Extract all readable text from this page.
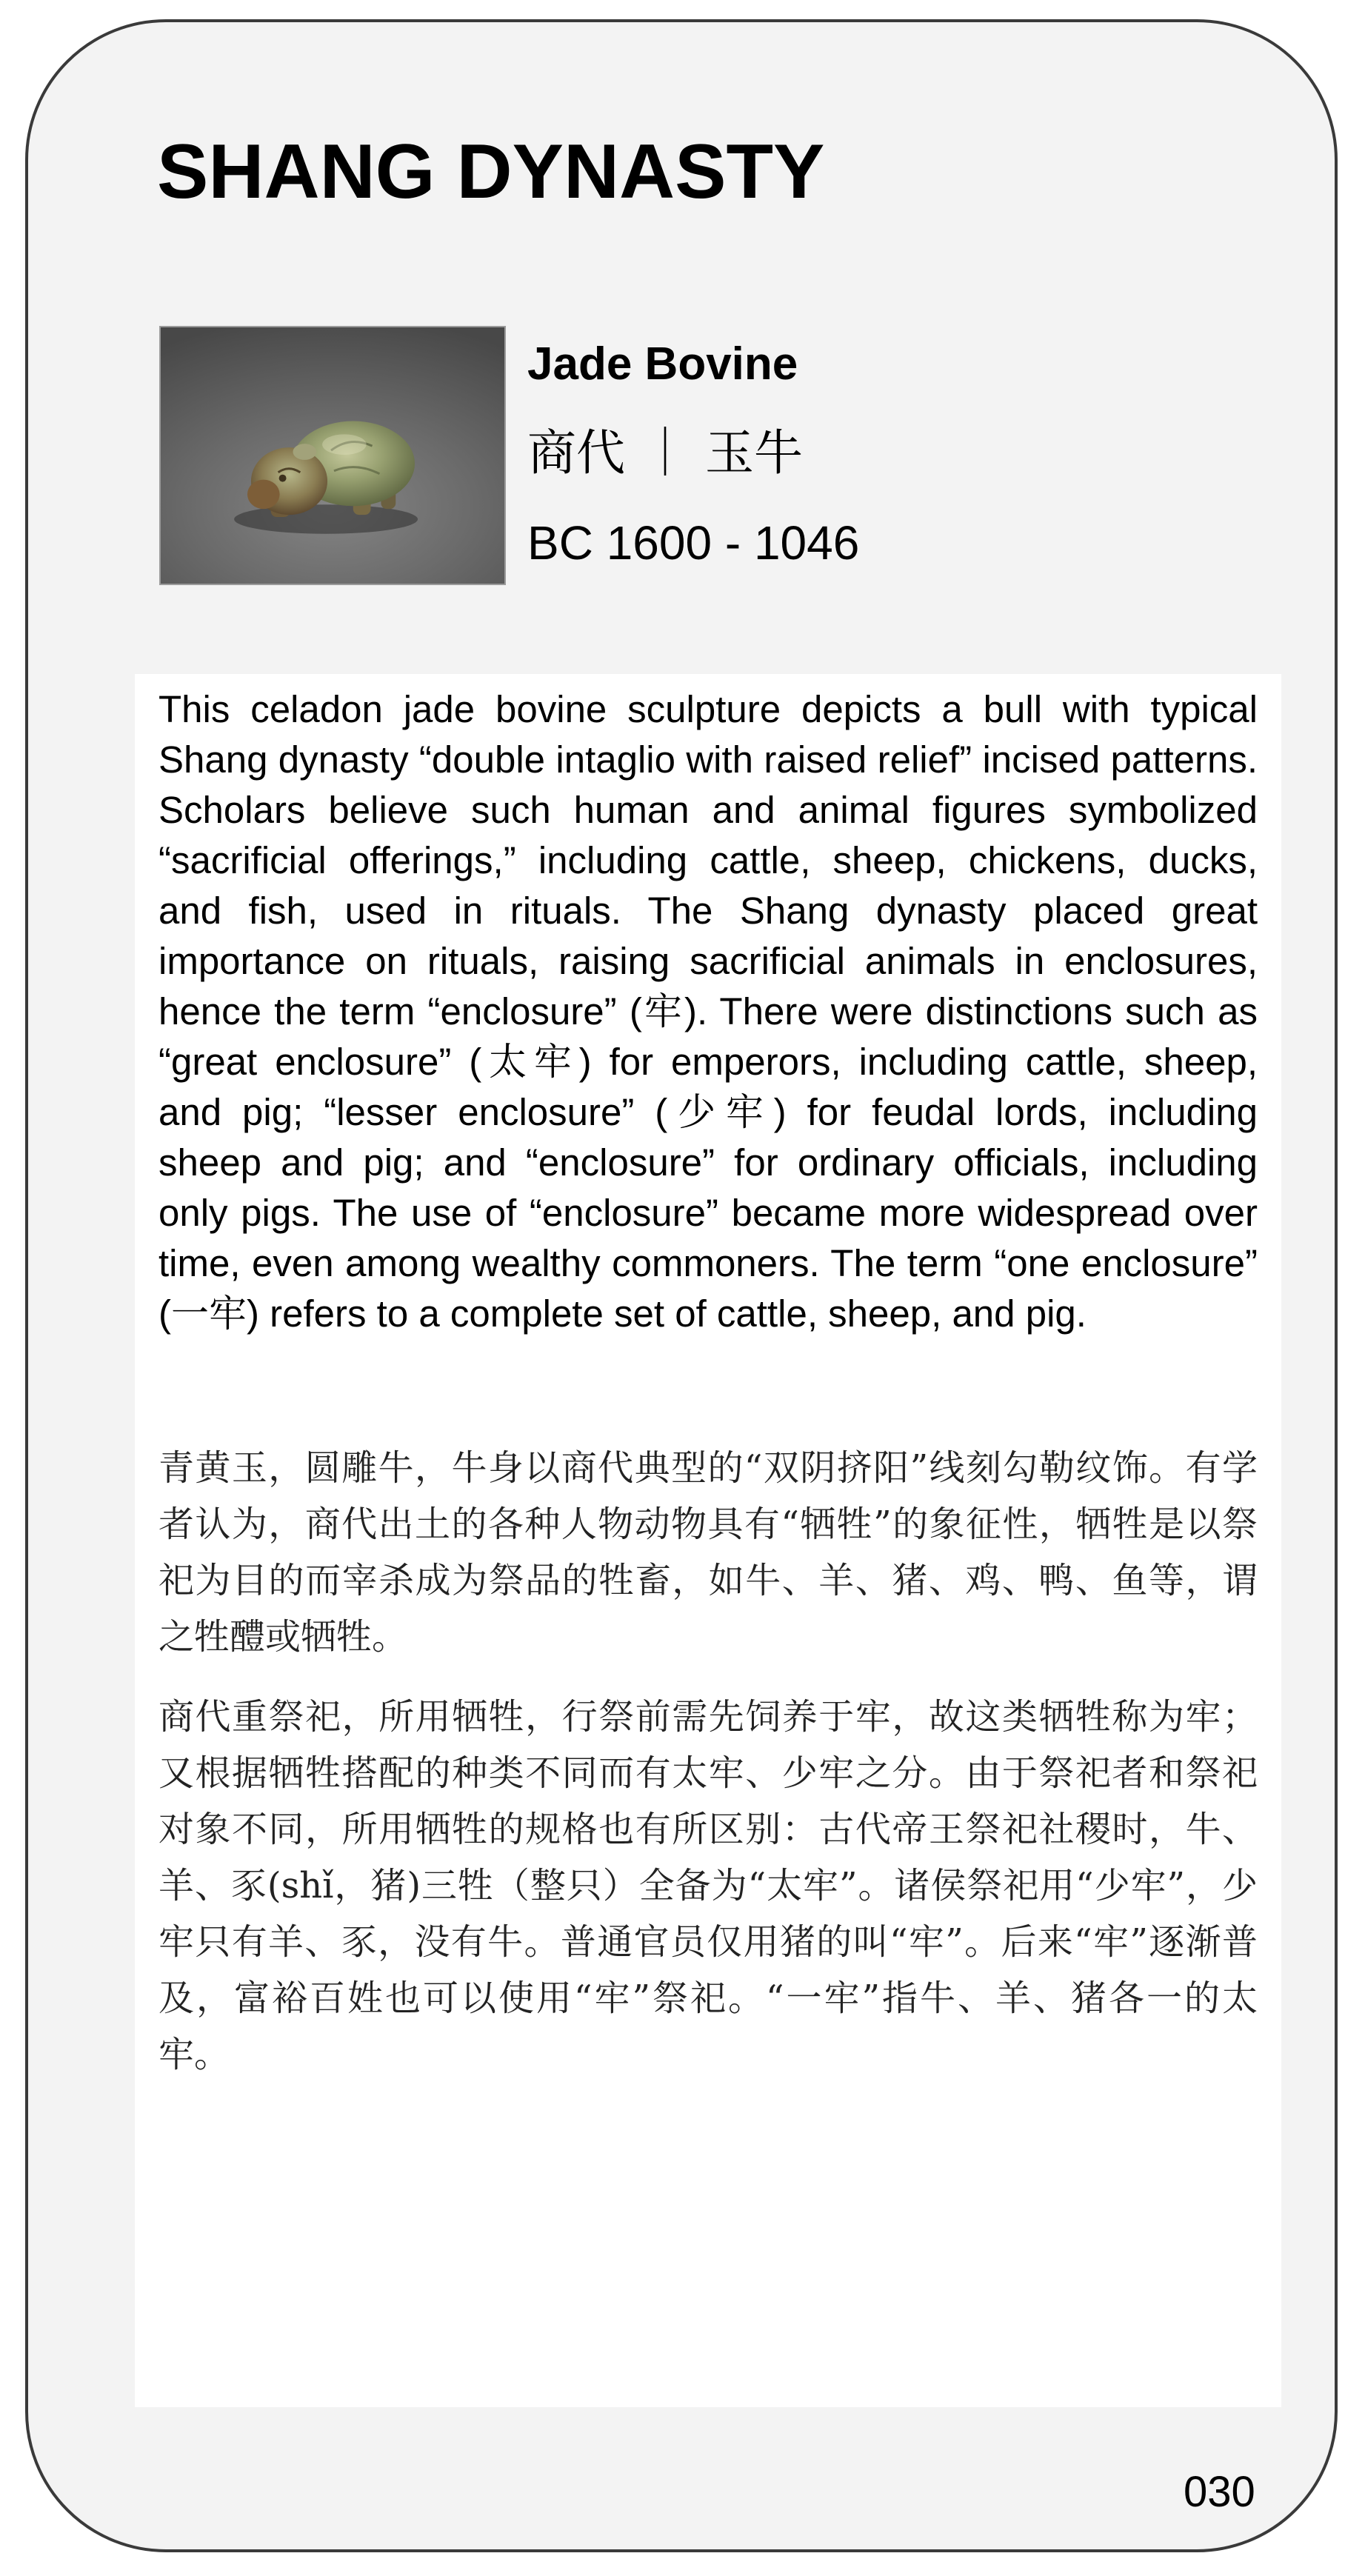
SHANG DYNASTY
Jade Bovine
商代 ｜ 玉牛
BC 1600 - 1046

This celadon jade bovine sculpture depicts a bull with typical Shang dynasty “double intaglio with raised relief” incised patterns. Scholars believe such human and animal figures symbolized “sacrificial offerings,” including cattle, sheep, chickens, ducks, and fish, used in rituals. The Shang dynasty placed great importance on rituals, raising sacrificial animals in enclosures, hence the term “enclosure” (牢). There were distinctions such as “great enclosure” (太牢) for emperors, including cattle, sheep, and pig; “lesser enclosure” (少牢) for feudal lords, including sheep and pig; and “enclosure” for ordinary officials, including only pigs. The use of “enclosure” became more widespread over time, even among wealthy commoners. The term “one enclosure” (一牢) refers to a complete set of cattle, sheep, and pig.

青黄玉，圆雕牛，牛身以商代典型的“双阴挤阳”线刻勾勒纹饰。有学者认为，商代出土的各种人物动物具有“牺牲”的象征性，牺牲是以祭祀为目的而宰杀成为祭品的牲畜，如牛、羊、猪、鸡、鸭、鱼等，谓之牲醴或牺牲。

商代重祭祀，所用牺牲，行祭前需先饲养于牢，故这类牺牲称为牢；又根据牺牲搭配的种类不同而有太牢、少牢之分。由于祭祀者和祭祀对象不同，所用牺牲的规格也有所区别：古代帝王祭祀社稷时，牛、羊、豕(shǐ，猪)三牲（整只）全备为“太牢”。诸侯祭祀用“少牢”，少牢只有羊、豕，没有牛。普通官员仅用猪的叫“牢”。后来“牢”逐渐普及，富裕百姓也可以使用“牢”祭祀。“一牢”指牛、羊、猪各一的太牢。

030
